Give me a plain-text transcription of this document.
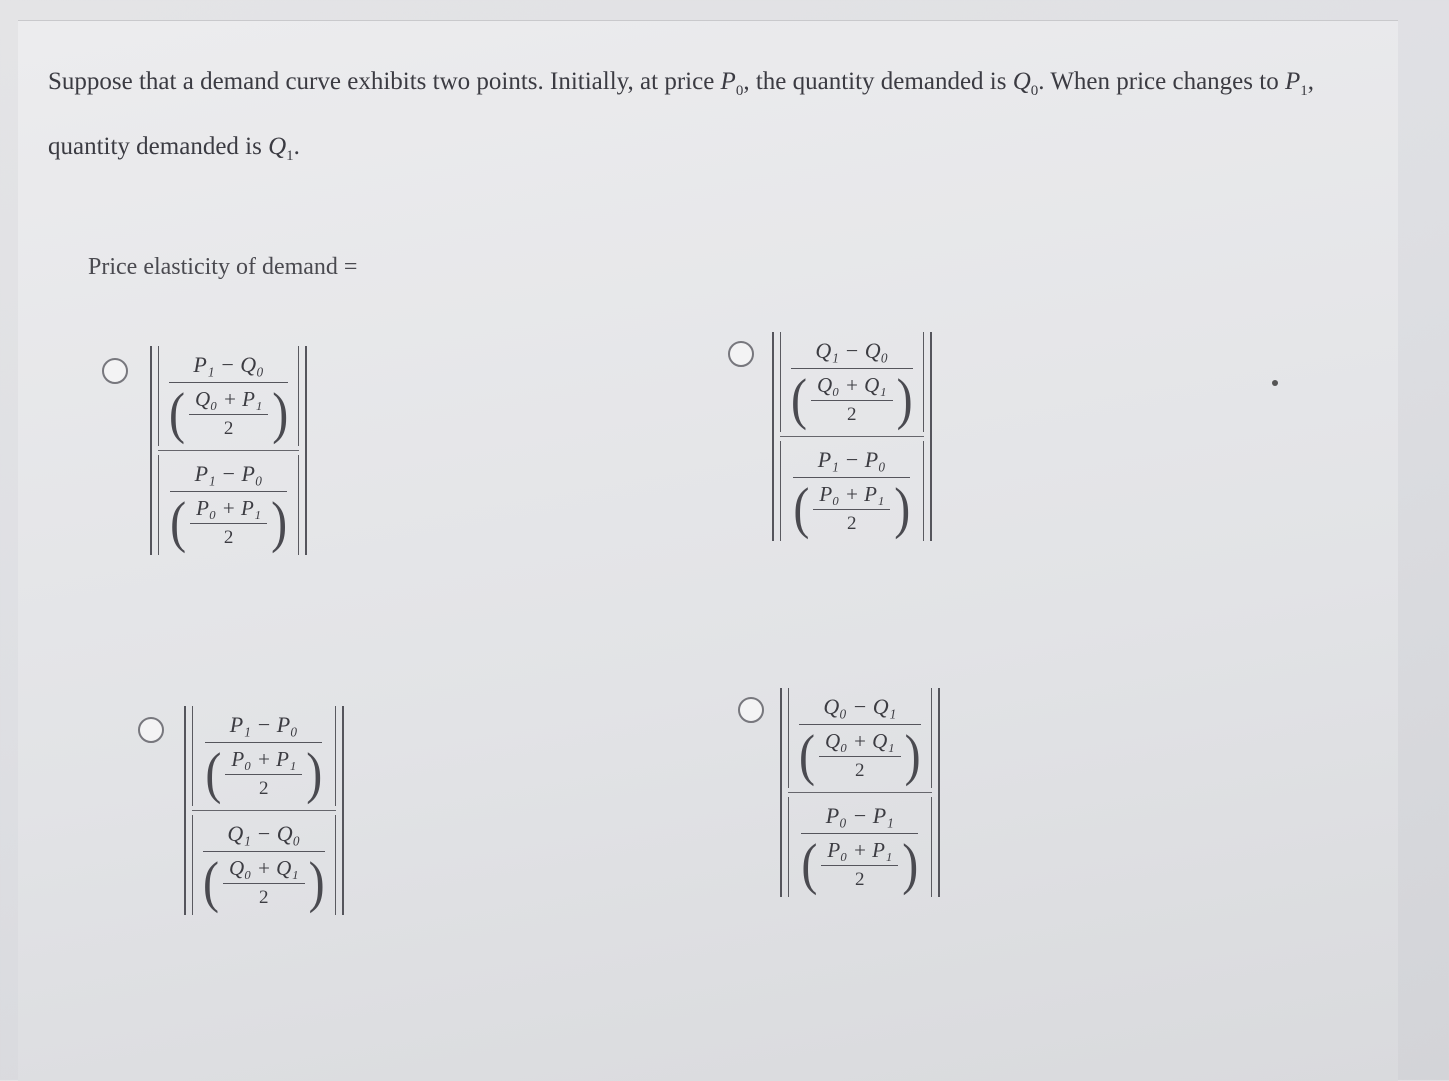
Suppose that a demand curve exhibits two points. Initially, at price $P_0$, the quantity demanded is $Q_0$. When price changes to $P_1$,
quantity demanded is $Q_1$.
Price elasticity of demand =
P₁ − Q₀
( Q₀ + P₁
2 )
P₁ − P₀
( P₀ + P₁
2 )
Q₁ − Q₀
( Q₀ + Q₁
2 )
P₁ − P₀
( P₀ + P₁
2 )
P₁ − P₀
( P₀ + P₁
2 )
Q₁ − Q₀
( Q₀ + Q₁
2 )
Q₀ − Q₁
( Q₀ + Q₁
2 )
P₀ − P₁
( P₀ + P₁
2 )
